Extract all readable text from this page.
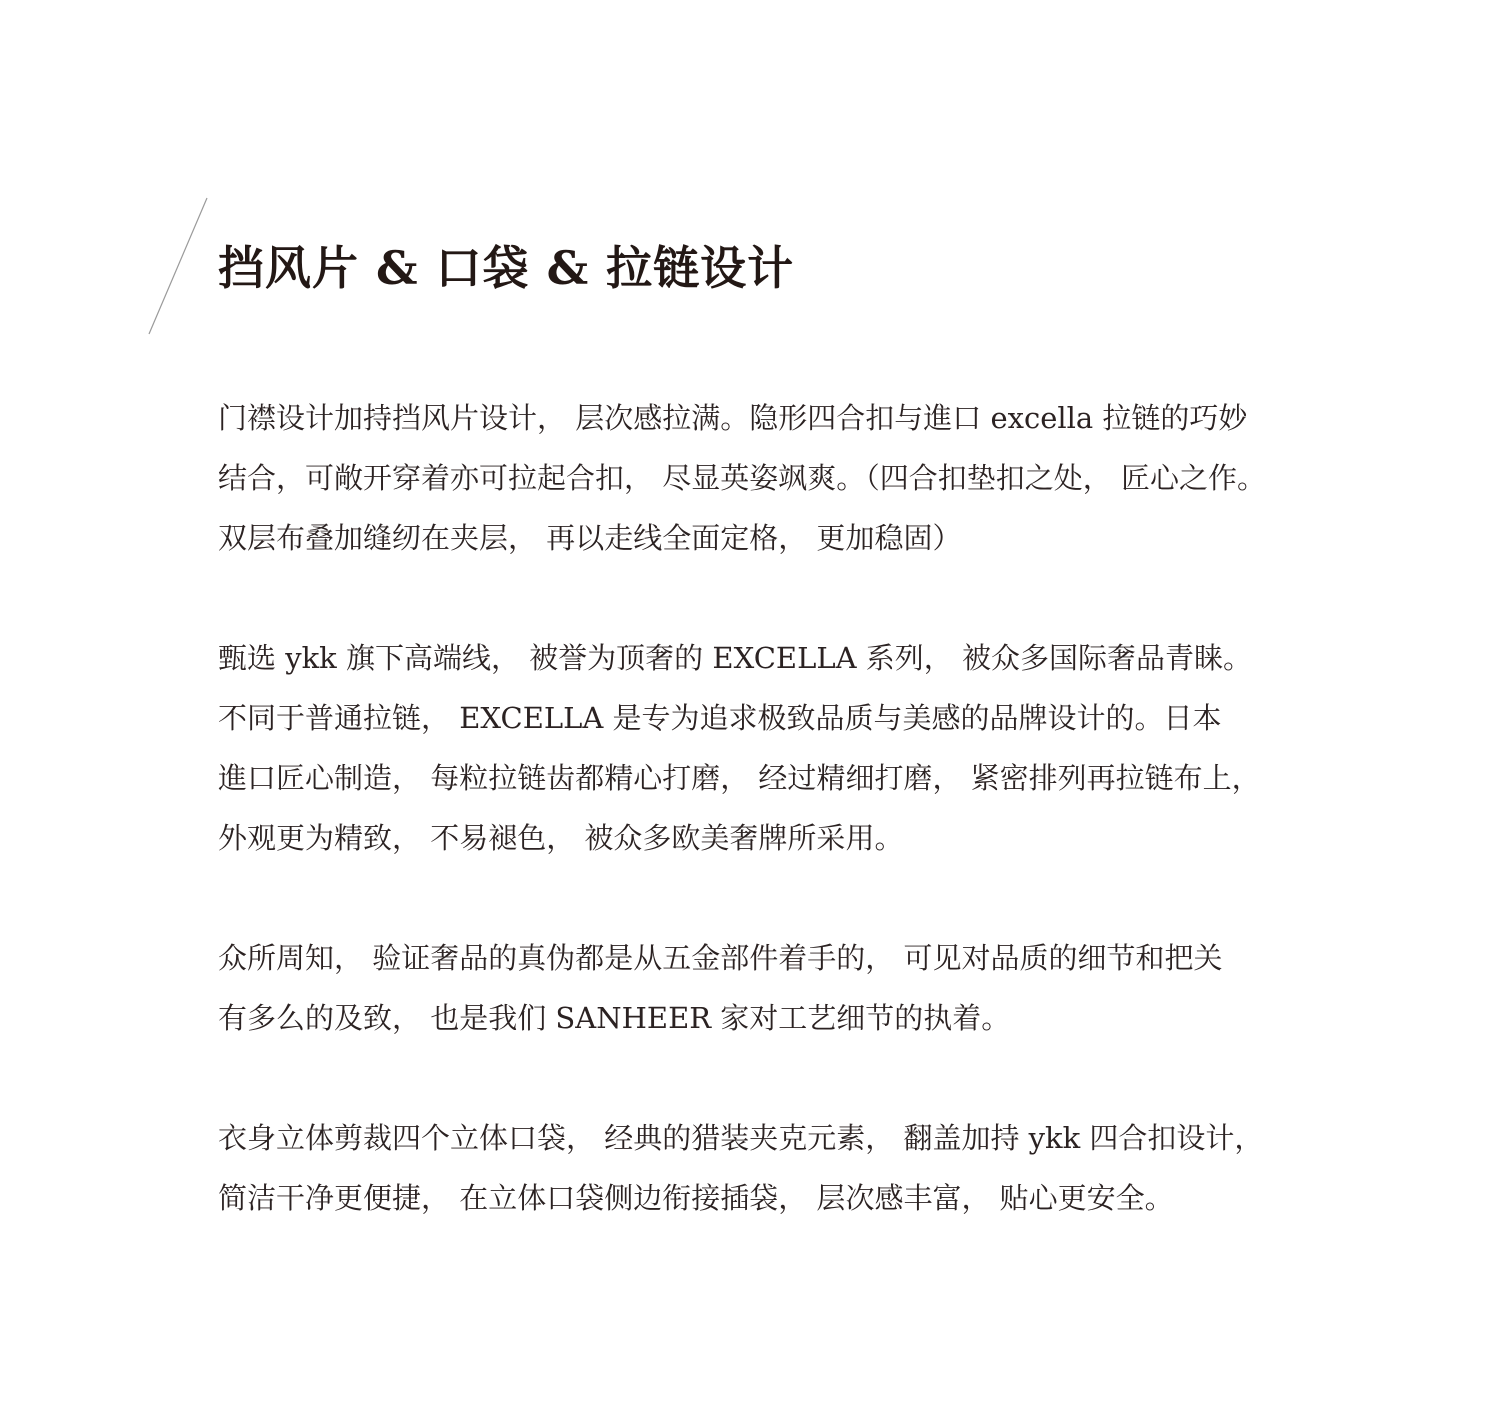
挡风片 & 口袋 & 拉链设计
门襟设计加持挡风片设计， 层次感拉满。隐形四合扣与進口 excella 拉链的巧妙
结合，可敞开穿着亦可拉起合扣， 尽显英姿飒爽。（四合扣垫扣之处， 匠心之作。
双层布叠加缝纫在夹层， 再以走线全面定格， 更加稳固）
甄选 ykk 旗下高端线， 被誉为顶奢的 EXCELLA 系列， 被众多国际奢品青睐。
不同于普通拉链， EXCELLA 是专为追求极致品质与美感的品牌设计的。日本
進口匠心制造， 每粒拉链齿都精心打磨， 经过精细打磨， 紧密排列再拉链布上，
外观更为精致， 不易褪色， 被众多欧美奢牌所采用。
众所周知， 验证奢品的真伪都是从五金部件着手的， 可见对品质的细节和把关
有多么的及致， 也是我们 SANHEER 家对工艺细节的执着。
衣身立体剪裁四个立体口袋， 经典的猎装夹克元素， 翻盖加持 ykk 四合扣设计，
简洁干净更便捷， 在立体口袋侧边衔接插袋， 层次感丰富， 贴心更安全。
